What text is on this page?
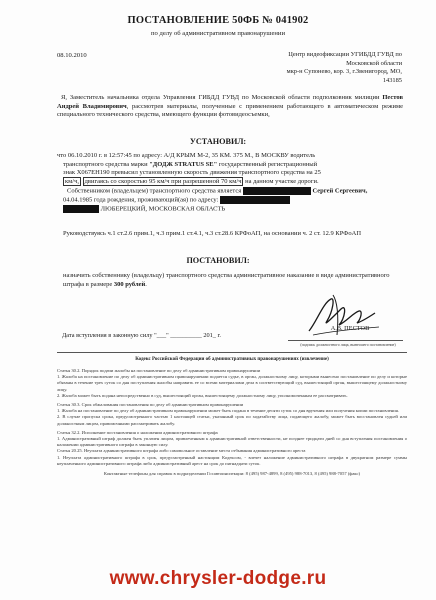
ПОСТАНОВЛЕНИЕ 50ФБ № 041902
по делу об административном правонарушении
08.10.2010	Центр видеофиксации УГИБДД ГУВД по
Московской области
мкр-н Супонево, кор. 3, г.Звенигород, МО,
143185
Я, Заместитель начальника отдела Управления ГИБДД ГУВД по Московской области подполковник милиции Пестов Андрей Владимирович, рассмотрев материалы, полученные с применением работающего в автоматическом режиме специального технического средства, имеющего функции фотовидеосъемки,
УСТАНОВИЛ:
что 06.10.2010 г. в 12:57:45 по адресу: А/Д КРЫМ М-2, 35 КМ. 375 М., В МОСКВУ водитель
транспортного средства марки "ДОДЖ STRATUS SE" государственный регистрационный
знак Х067ЕН190 превысил установленную скорость движения транспортного средства на 25
км/ч, двигаясь со скоростью 95 км/ч при разрешенной 70 км/ч на данном участке дороги.
Собственником (владельцем) транспортного средства является	Сергей Сергеевич,
04.04.1985 года рождения, проживающий(ая) по адресу:
ЛЮБЕРЕЦКИЙ, МОСКОВСКАЯ ОБЛАСТЬ
Руководствуясь ч.1 ст.2.6 прим.1, ч.3 прим.1 ст.4.1, ч.3 ст.28.6 КРФоАП, на основании ч. 2 ст. 12.9 КРФоАП
ПОСТАНОВИЛ:
назначить собственнику (владельцу) транспортного средства административное наказание в виде административного штрафа в размере 300 рублей.
Дата вступления в законную силу "___" __________ 201_ г.
А.В. ПЕСТОВ
(подпись должностного лица, вынесшего постановление)
Кодекс Российской Федерации об административных правонарушениях (извлечение)
Статья 30.2. Порядок подачи жалобы на постановление по делу об административном правонарушении
1. Жалоба на постановление по делу об административном правонарушении подается судье, в орган, должностному лицу, которыми вынесено постановление по делу и которые обязаны в течение трех суток со дня поступления жалобы направить ее со всеми материалами дела в соответствующий суд, вышестоящий орган, вышестоящему должностному лицу.
2. Жалоба может быть подана непосредственно в суд, вышестоящий орган, вышестоящему должностному лицу, уполномоченным ее рассматривать.
Статья 30.3. Срок обжалования постановления по делу об административном правонарушении
1. Жалоба на постановление по делу об административном правонарушении может быть подана в течение десяти суток со дня вручения или получения копии постановления.
2. В случае пропуска срока, предусмотренного частью 1 настоящей статьи, указанный срок по ходатайству лица, подающего жалобу, может быть восстановлен судьей или должностным лицом, правомочными рассматривать жалобу.
Статья 32.2. Исполнение постановления о наложении административного штрафа
1. Административный штраф должен быть уплачен лицом, привлеченным к административной ответственности, не позднее тридцати дней со дня вступления постановления о наложении административного штрафа в законную силу.
Статья 20.25. Неуплата административного штрафа либо самовольное оставление места отбывания административного ареста
1. Неуплата административного штрафа в срок, предусмотренный настоящим Кодексом, - влечет наложение административного штрафа в двукратном размере суммы неуплаченного административного штрафа либо административный арест на срок до пятнадцати суток.
Контактные телефоны для справок в подразделении Госавтоинспекции: 8 (495) 987-4899, 8 (495) 988-7013, 8 (495) 988-7057 (факс)
www.chrysler-dodge.ru
